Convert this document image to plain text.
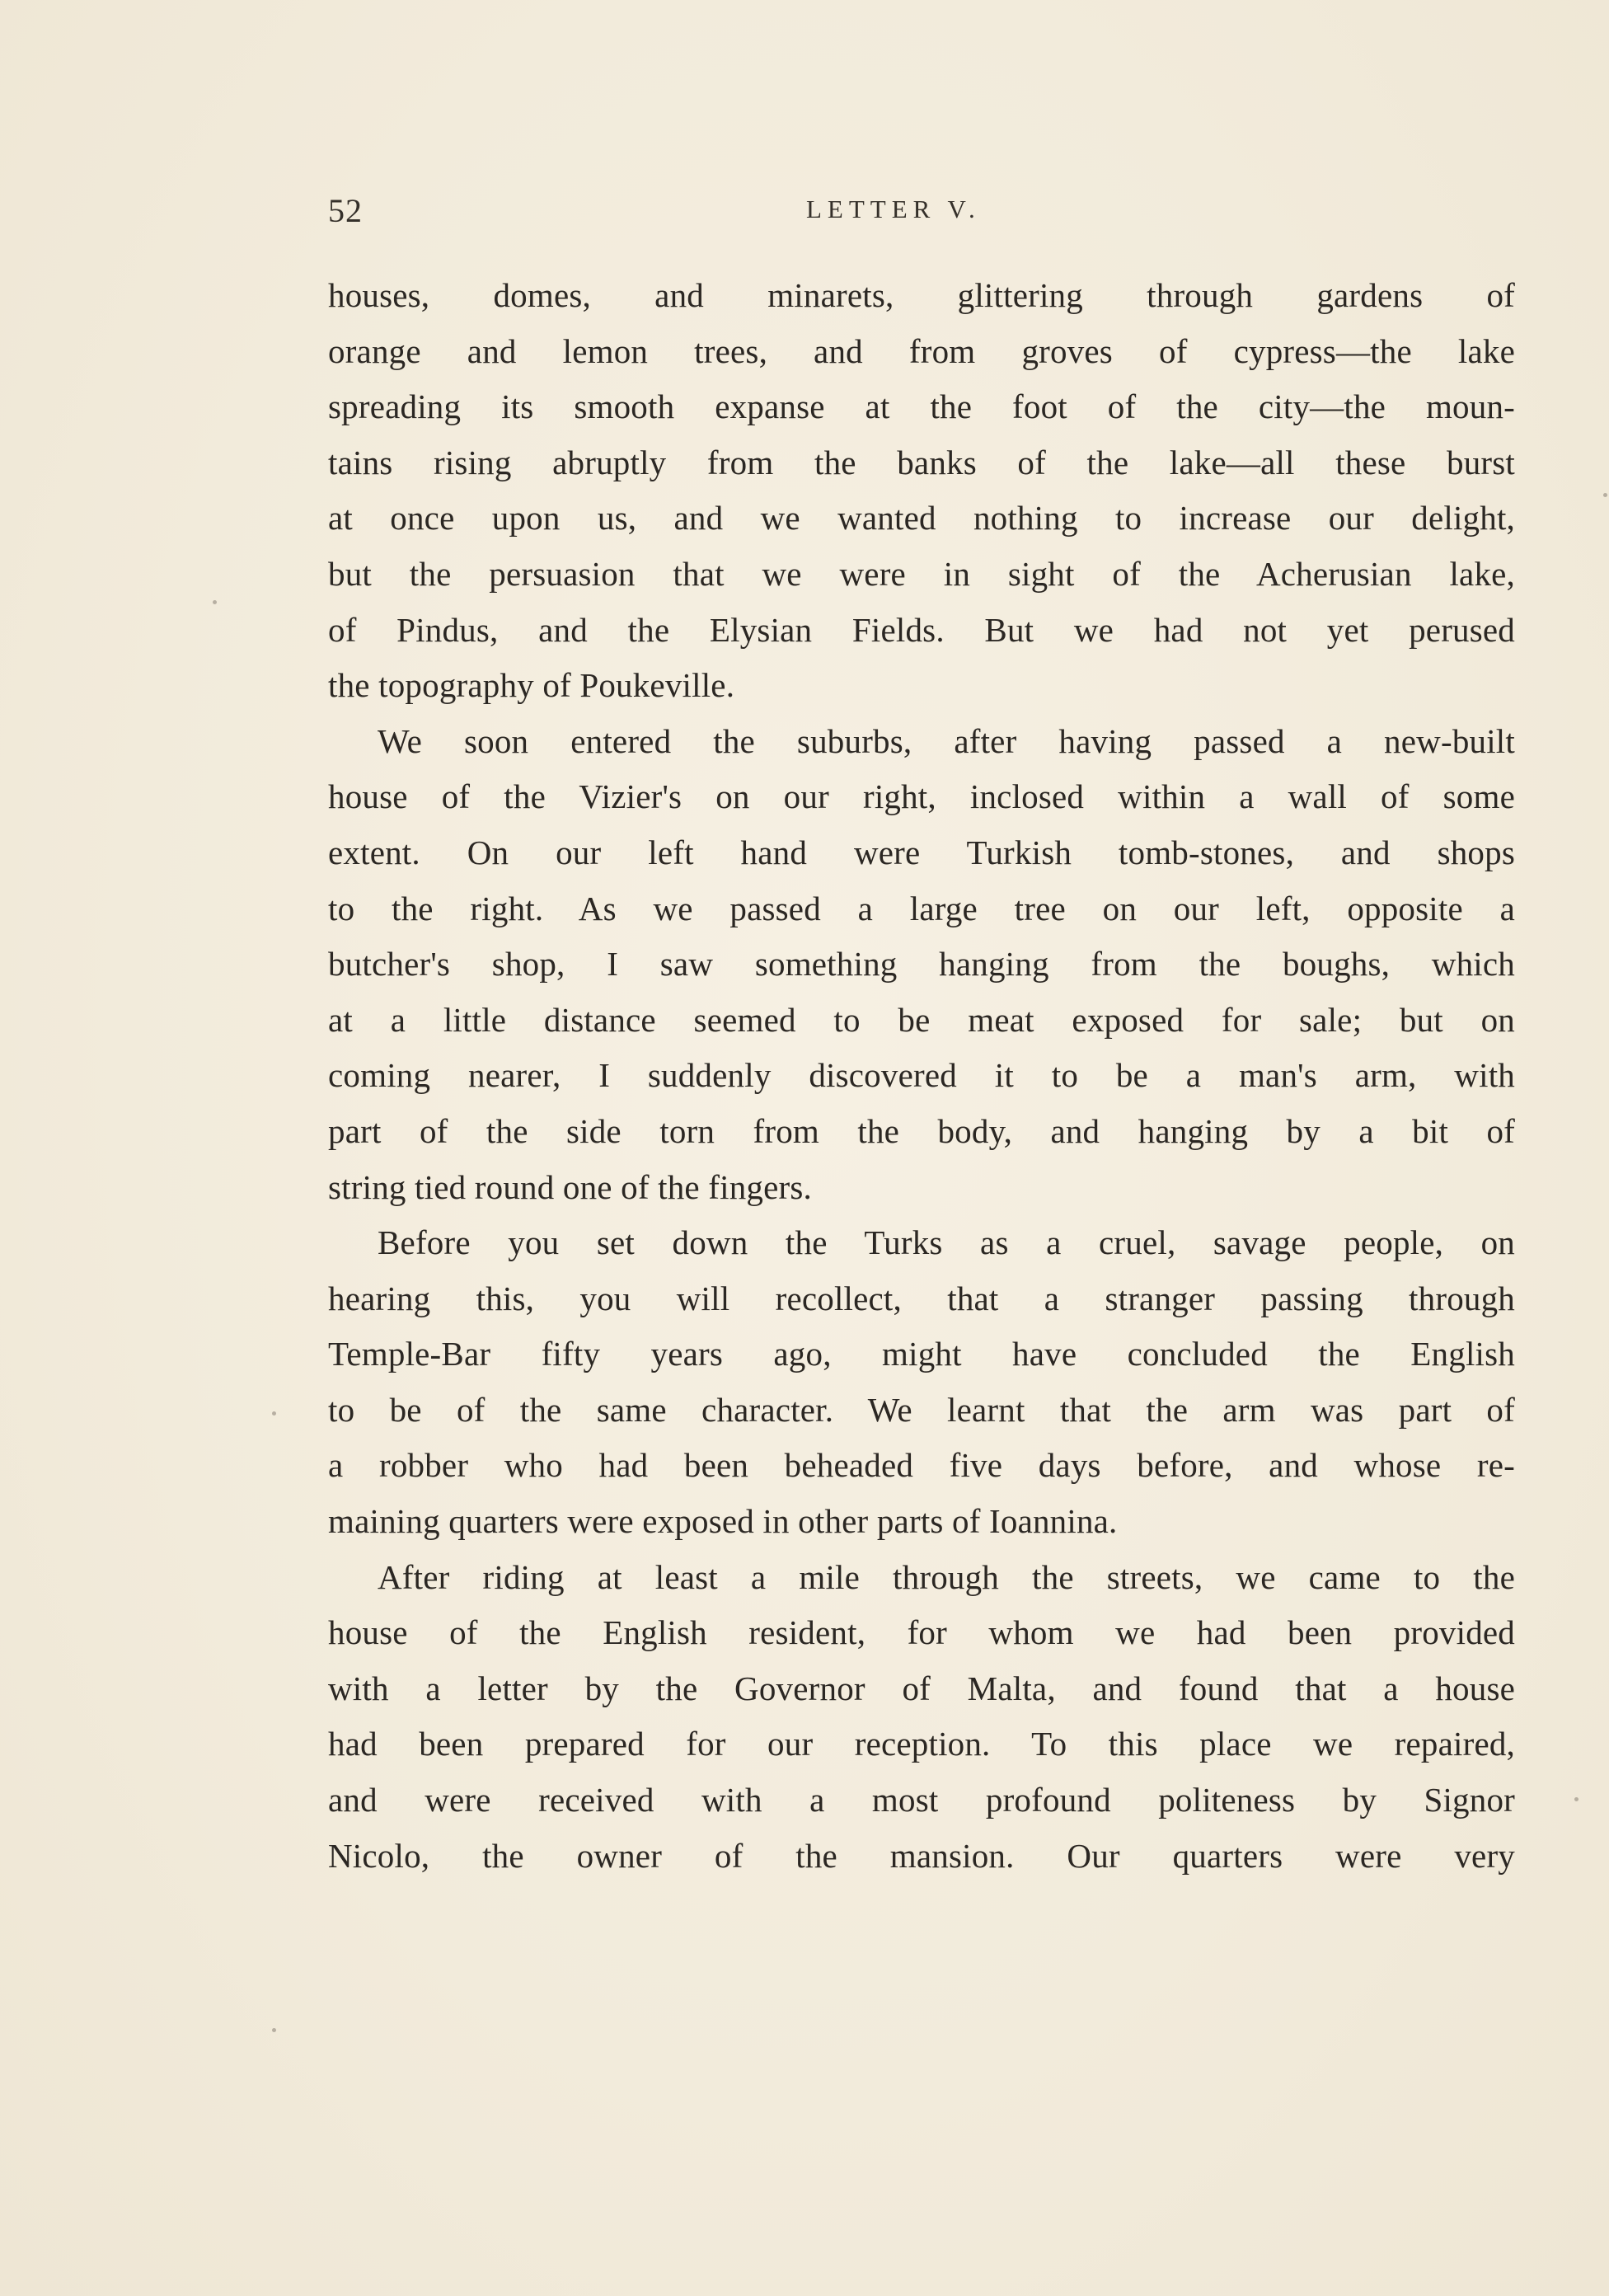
52	LETTER V.
houses, domes, and minarets, glittering through gardens of
orange and lemon trees, and from groves of cypress—the lake
spreading its smooth expanse at the foot of the city—the moun-
tains rising abruptly from the banks of the lake—all these burst
at once upon us, and we wanted nothing to increase our delight,
but the persuasion that we were in sight of the Acherusian lake,
of Pindus, and the Elysian Fields. But we had not yet perused
the topography of Poukeville.
We soon entered the suburbs, after having passed a new-built
house of the Vizier's on our right, inclosed within a wall of some
extent. On our left hand were Turkish tomb-stones, and shops
to the right. As we passed a large tree on our left, opposite a
butcher's shop, I saw something hanging from the boughs, which
at a little distance seemed to be meat exposed for sale; but on
coming nearer, I suddenly discovered it to be a man's arm, with
part of the side torn from the body, and hanging by a bit of
string tied round one of the fingers.
Before you set down the Turks as a cruel, savage people, on
hearing this, you will recollect, that a stranger passing through
Temple-Bar fifty years ago, might have concluded the English
to be of the same character. We learnt that the arm was part of
a robber who had been beheaded five days before, and whose re-
maining quarters were exposed in other parts of Ioannina.
After riding at least a mile through the streets, we came to the
house of the English resident, for whom we had been provided
with a letter by the Governor of Malta, and found that a house
had been prepared for our reception. To this place we repaired,
and were received with a most profound politeness by Signor
Nicolo, the owner of the mansion. Our quarters were very
